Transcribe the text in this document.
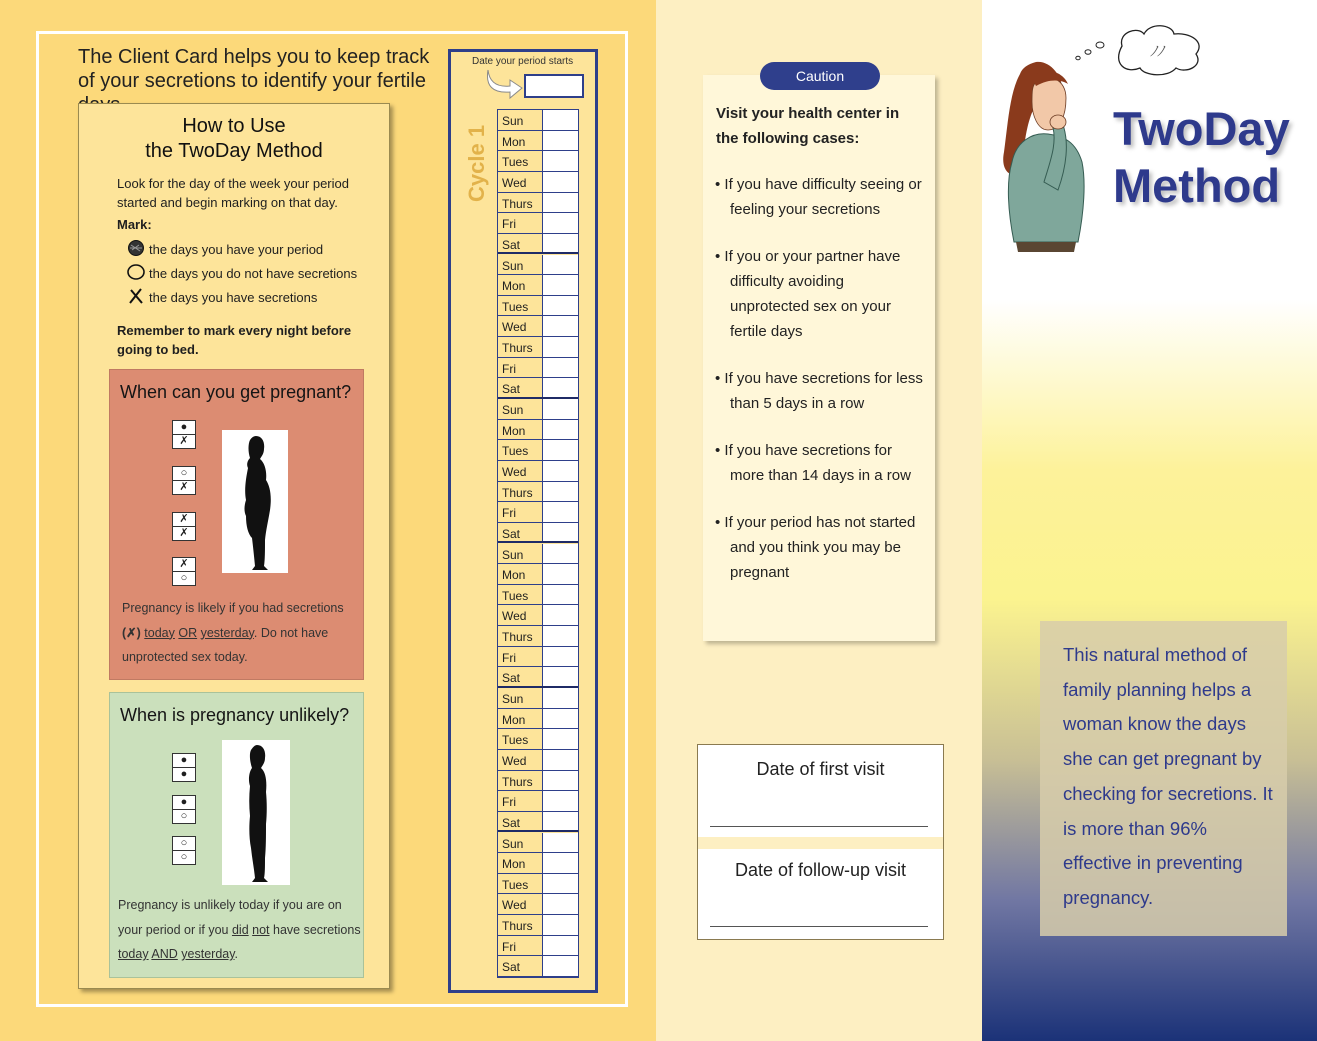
The Client Card helps you to keep track of your secretions to identify your fertile
How to Use
the TwoDay Method
Look for the day of the week your period started and begin marking on that day.
Mark:
the days you have your period
the days you do not have secretions
the days you have secretions
Remember to mark every night before going to bed.
When can you get pregnant?
●
✗
○
✗
✗
✗
✗
○
Pregnancy is likely if you had secretions (✗) today OR yesterday. Do not have unprotected sex today.
When is pregnancy unlikely?
●
●
●
○
○
○
Pregnancy is unlikely today if you are on your period or if you did not have secretions today AND yesterday.
Date your period starts
Cycle 1
Sun
Mon
Tues
Wed
Thurs
Fri
Sat
Sun
Mon
Tues
Wed
Thurs
Fri
Sat
Sun
Mon
Tues
Wed
Thurs
Fri
Sat
Sun
Mon
Tues
Wed
Thurs
Fri
Sat
Sun
Mon
Tues
Wed
Thurs
Fri
Sat
Sun
Mon
Tues
Wed
Thurs
Fri
Sat
Visit your health center in the following cases:
• If you have difficulty seeing or feeling your secretions
• If you or your partner have difficulty avoiding unprotected sex on your fertile days
• If you have secretions for less than 5 days in a row
• If you have secretions for more than 14 days in a row
• If your period has not started and you think you may be pregnant
Caution
Date of first visit
Date of follow-up visit
ﾉﾉ
TwoDay
Method
This natural method of family planning helps a woman know the days she can get pregnant by checking for secretions. It is more than 96% effective in preventing pregnancy.
